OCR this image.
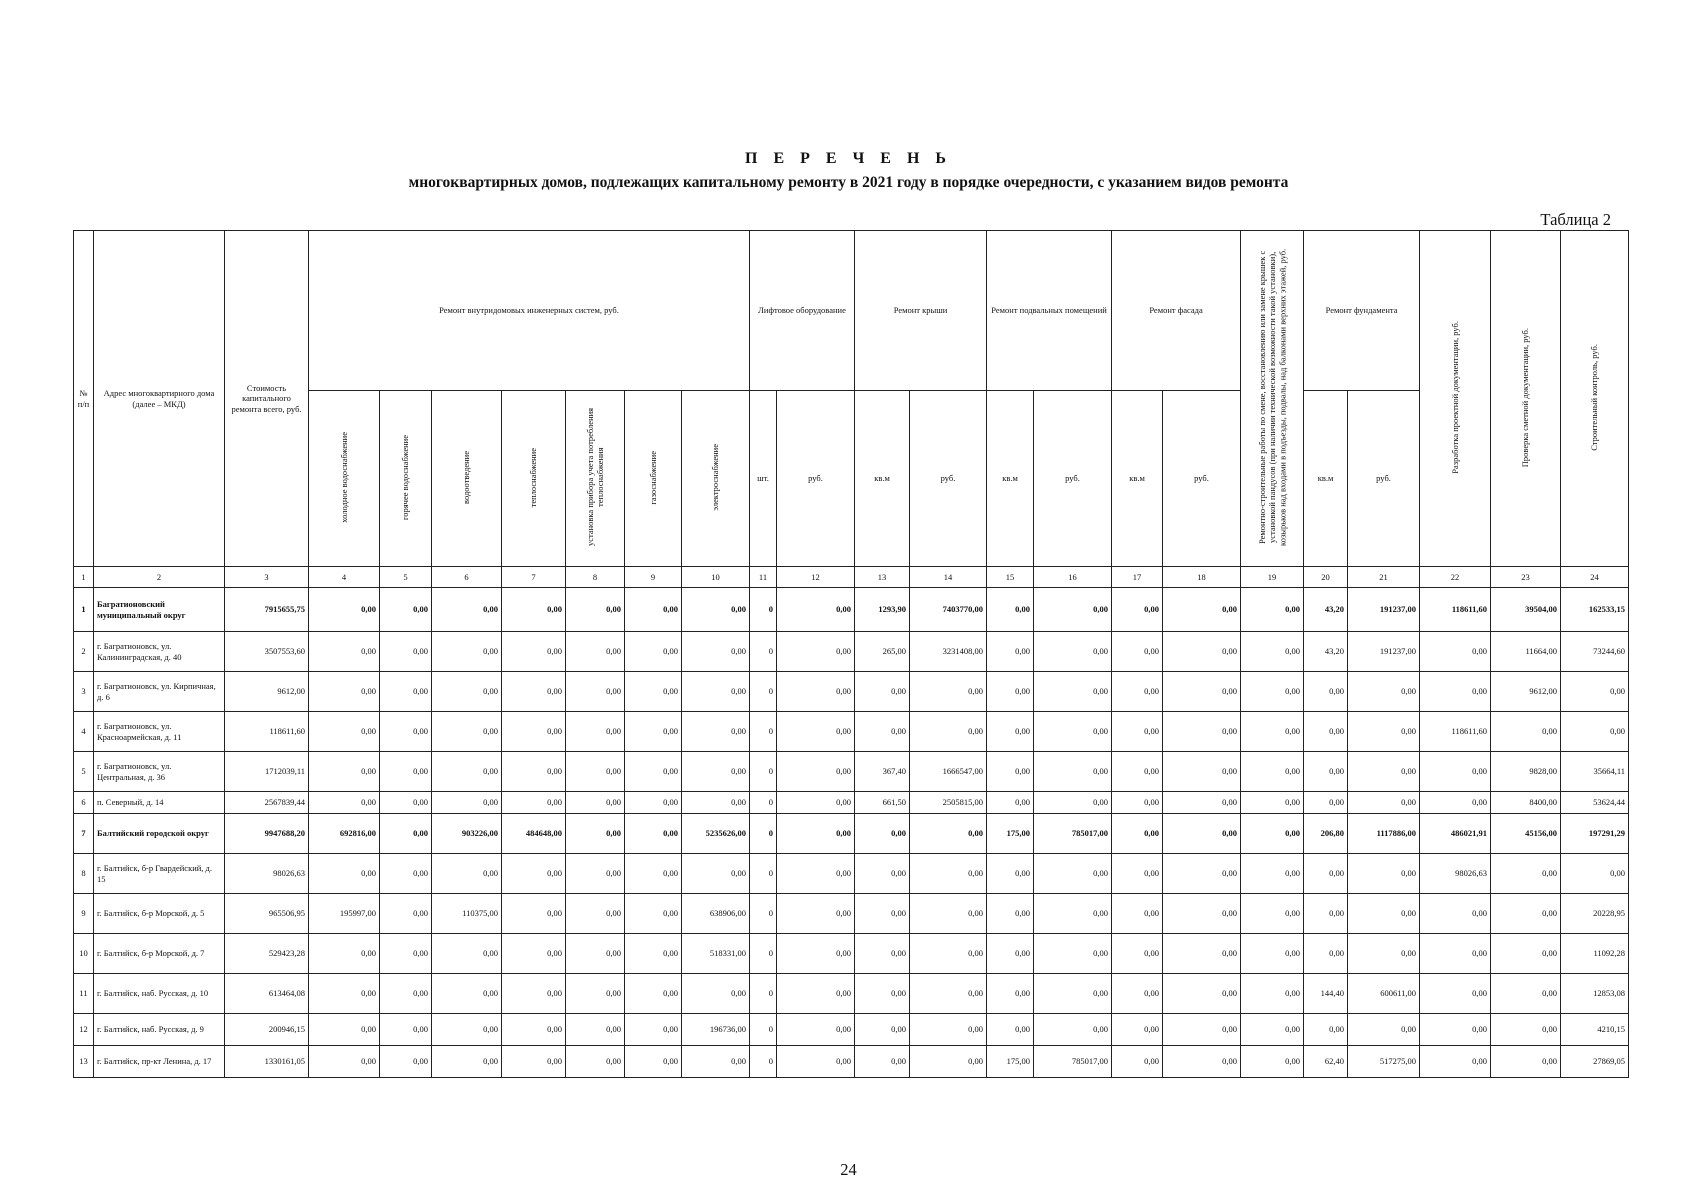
П Е Р Е Ч Е Н Ь
многоквартирных домов, подлежащих капитальному ремонту в 2021 году в порядке очередности, с указанием видов ремонта
Таблица 2
№ п/п	Адрес многоквартирного дома (далее – МКД)	Стоимость капитального ремонта всего, руб.	Ремонт внутридомовых инженерных систем, руб.							Лифтовое оборудование		Ремонт крыши		Ремонт подвальных помещений		Ремонт фасада		Ремонтно-строительные работы по смене, восстановлению или замене крышек с установкой пандусов (при наличии технической возможности такой установки), козырьков над входами в подъезды, подвалы, над балконами верхних этажей, руб.	Ремонт фундамента		Разработка проектной документации, руб.	Проверка сметной документации, руб.	Строительный контроль, руб.
			холодное водоснабжение	горячее водоснабжение	водоотведение	теплоснабжение	установка прибора учета потребления теплоснабжения	газоснабжение	электроснабжение	шт.	руб.	кв.м	руб.	кв.м	руб.	кв.м	руб.		кв.м	руб.			
1	2	3	4	5	6	7	8	9	10	11	12	13	14	15	16	17	18	19	20	21	22	23	24
1	Багратионовский муниципальный округ	7915655,75	0,00	0,00	0,00	0,00	0,00	0,00	0,00	0	0,00	1293,90	7403770,00	0,00	0,00	0,00	0,00	0,00	43,20	191237,00	118611,60	39504,00	162533,15
2	г. Багратионовск, ул. Калининградская, д. 40	3507553,60	0,00	0,00	0,00	0,00	0,00	0,00	0,00	0	0,00	265,00	3231408,00	0,00	0,00	0,00	0,00	0,00	43,20	191237,00	0,00	11664,00	73244,60
3	г. Багратионовск, ул. Кирпичная, д. 6	9612,00	0,00	0,00	0,00	0,00	0,00	0,00	0,00	0	0,00	0,00	0,00	0,00	0,00	0,00	0,00	0,00	0,00	0,00	0,00	9612,00	0,00
4	г. Багратионовск, ул. Красноармейская, д. 11	118611,60	0,00	0,00	0,00	0,00	0,00	0,00	0,00	0	0,00	0,00	0,00	0,00	0,00	0,00	0,00	0,00	0,00	0,00	118611,60	0,00	0,00
5	г. Багратионовск, ул. Центральная, д. 36	1712039,11	0,00	0,00	0,00	0,00	0,00	0,00	0,00	0	0,00	367,40	1666547,00	0,00	0,00	0,00	0,00	0,00	0,00	0,00	0,00	9828,00	35664,11
6	п. Северный, д. 14	2567839,44	0,00	0,00	0,00	0,00	0,00	0,00	0,00	0	0,00	661,50	2505815,00	0,00	0,00	0,00	0,00	0,00	0,00	0,00	0,00	8400,00	53624,44
7	Балтийский городской округ	9947688,20	692816,00	0,00	903226,00	484648,00	0,00	0,00	5235626,00	0	0,00	0,00	0,00	175,00	785017,00	0,00	0,00	0,00	206,80	1117886,00	486021,91	45156,00	197291,29
8	г. Балтийск, б-р Гвардейский, д. 15	98026,63	0,00	0,00	0,00	0,00	0,00	0,00	0,00	0	0,00	0,00	0,00	0,00	0,00	0,00	0,00	0,00	0,00	0,00	98026,63	0,00	0,00
9	г. Балтийск, б-р Морской, д. 5	965506,95	195997,00	0,00	110375,00	0,00	0,00	0,00	638906,00	0	0,00	0,00	0,00	0,00	0,00	0,00	0,00	0,00	0,00	0,00	0,00	0,00	20228,95
10	г. Балтийск, б-р Морской, д. 7	529423,28	0,00	0,00	0,00	0,00	0,00	0,00	518331,00	0	0,00	0,00	0,00	0,00	0,00	0,00	0,00	0,00	0,00	0,00	0,00	0,00	11092,28
11	г. Балтийск, наб. Русская, д. 10	613464,08	0,00	0,00	0,00	0,00	0,00	0,00	0,00	0	0,00	0,00	0,00	0,00	0,00	0,00	0,00	0,00	144,40	600611,00	0,00	0,00	12853,08
12	г. Балтийск, наб. Русская, д. 9	200946,15	0,00	0,00	0,00	0,00	0,00	0,00	196736,00	0	0,00	0,00	0,00	0,00	0,00	0,00	0,00	0,00	0,00	0,00	0,00	0,00	4210,15
13	г. Балтийск, пр-кт Ленина, д. 17	1330161,05	0,00	0,00	0,00	0,00	0,00	0,00	0,00	0	0,00	0,00	0,00	175,00	785017,00	0,00	0,00	0,00	62,40	517275,00	0,00	0,00	27869,05
24
